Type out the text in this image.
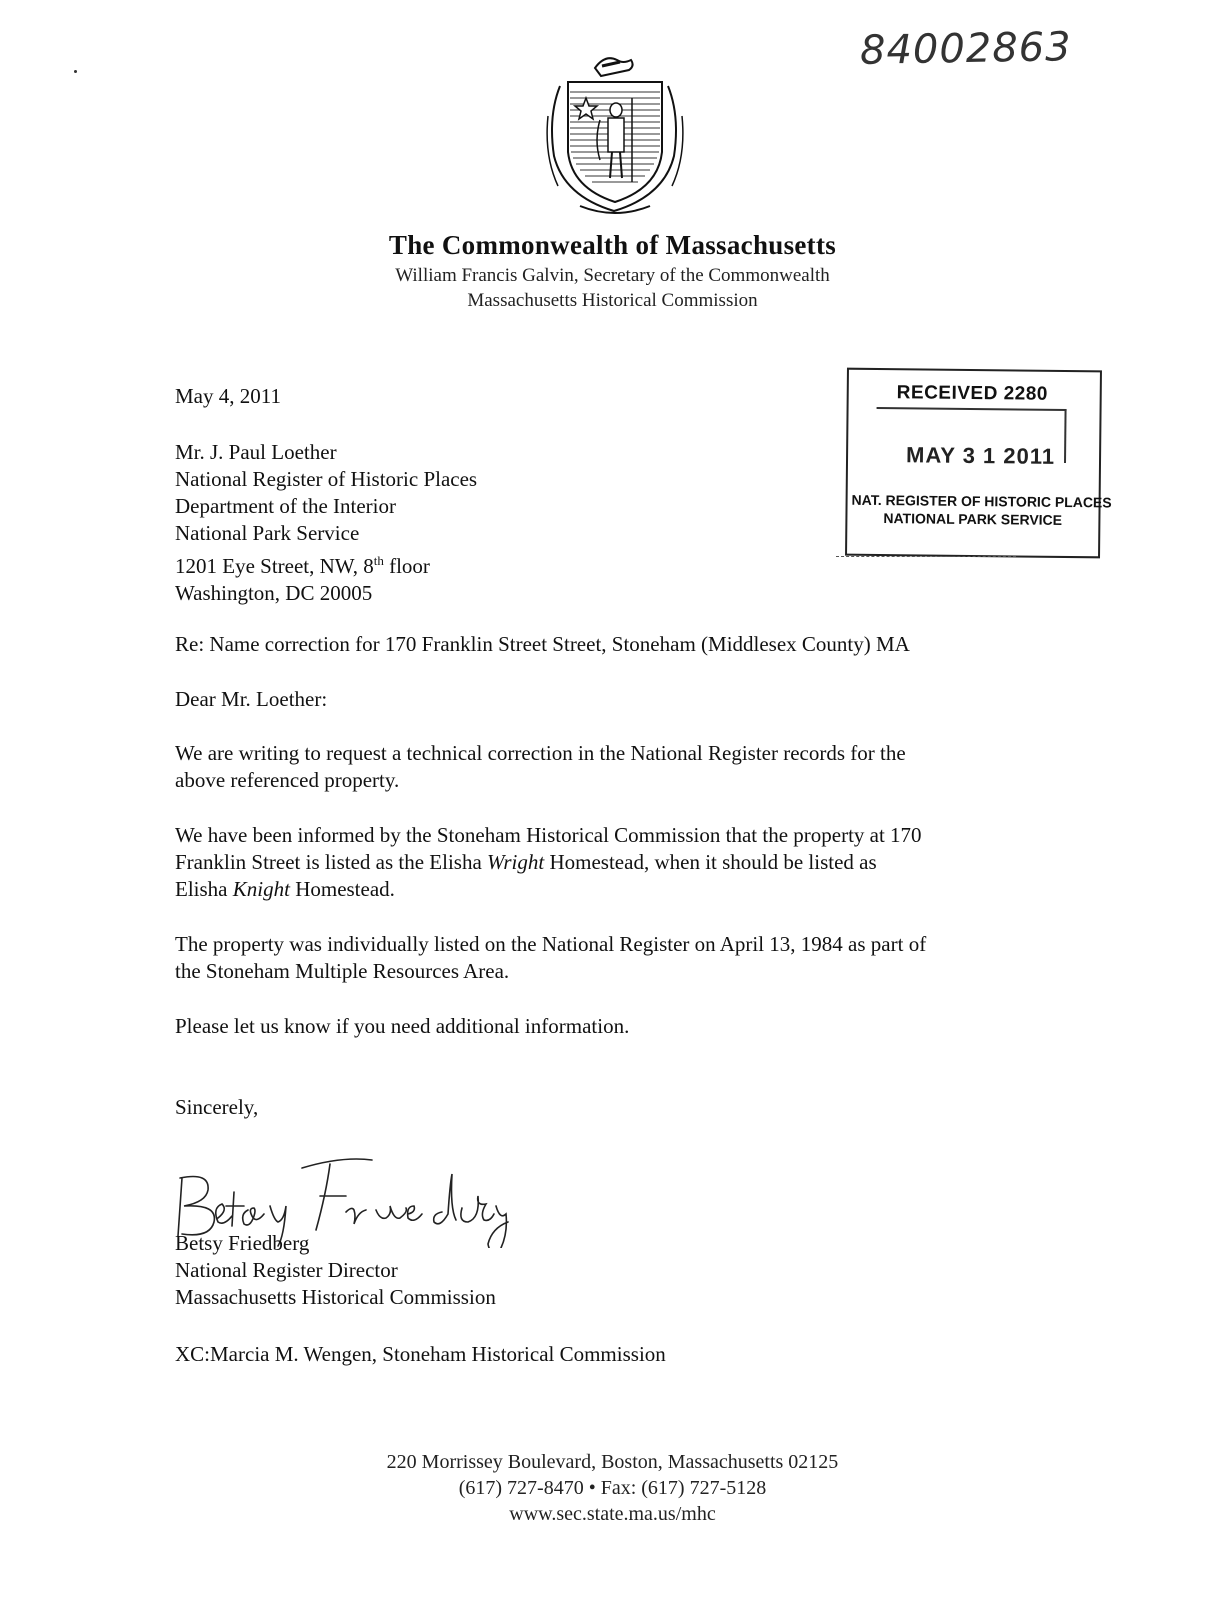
84002863
The Commonwealth of Massachusetts
William Francis Galvin, Secretary of the Commonwealth
Massachusetts Historical Commission
May 4, 2011
Mr. J. Paul Loether
National Register of Historic Places
Department of the Interior
National Park Service
1201 Eye Street, NW, 8th floor
Washington, DC 20005
RECEIVED 2280
MAY 3 1 2011
NAT. REGISTER OF HISTORIC PLACES
NATIONAL PARK SERVICE
Re: Name correction for 170 Franklin Street Street, Stoneham (Middlesex County) MA
Dear Mr. Loether:
We are writing to request a technical correction in the National Register records for the
above referenced property.
We have been informed by the Stoneham Historical Commission that the property at 170
Franklin Street is listed as the Elisha Wright Homestead, when it should be listed as
Elisha Knight Homestead.
The property was individually listed on the National Register on April 13, 1984 as part of
the Stoneham Multiple Resources Area.
Please let us know if you need additional information.
Sincerely,
Betsy Friedberg
National Register Director
Massachusetts Historical Commission
XC:Marcia M. Wengen, Stoneham Historical Commission
220 Morrissey Boulevard, Boston, Massachusetts 02125
(617) 727-8470 • Fax: (617) 727-5128
www.sec.state.ma.us/mhc
